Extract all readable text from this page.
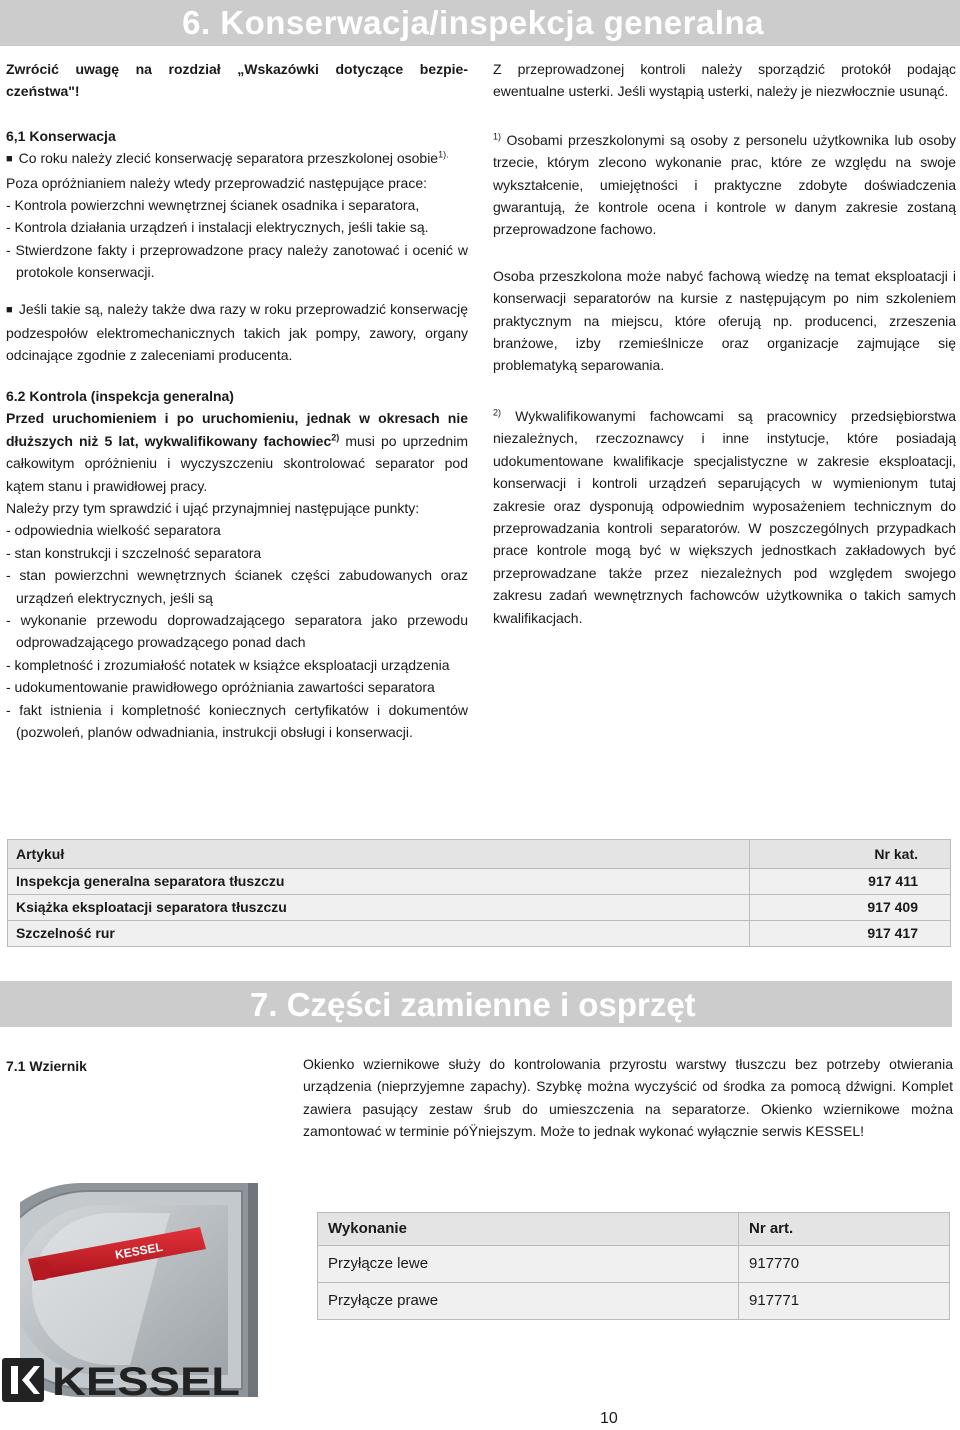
6. Konserwacja/inspekcja generalna

Zwrócić uwagę na rozdział „Wskazówki dotyczące bezpie- czeństwa"!

6,1 Konserwacja

■ Co roku należy zlecić konserwację separatora przeszkolonej osobie$^{1).}$

Poza opróżnianiem należy wtedy przeprowadzić następujące prace:

- Kontrola powierzchni wewnętrznej ścianek osadnika i separatora,

- Kontrola działania urządzeń i instalacji elektrycznych, jeśli takie są.

- Stwierdzone fakty i przeprowadzone pracy należy zanotować i ocenić w protokole konserwacji.

■ Jeśli takie są, należy także dwa razy w roku przeprowadzić konserwację podzespołów elektromechanicznych takich jak pompy, zawory, organy odcinające zgodnie z zaleceniami producenta.

6.2 Kontrola (inspekcja generalna)

Przed uruchomieniem i po uruchomieniu, jednak w okresach nie dłuższych niż 5 lat, wykwalifikowany fachowiec$^{2)}$ musi po uprzednim całkowitym opróżnieniu i wyczyszczeniu skontrolować separator pod kątem stanu i prawidłowej pracy.

Należy przy tym sprawdzić i ująć przynajmniej następujące punkty:

- odpowiednia wielkość separatora

- stan konstrukcji i szczelność separatora

- stan powierzchni wewnętrznych ścianek części zabudowanych oraz urządzeń elektrycznych, jeśli są

- wykonanie przewodu doprowadzającego separatora jako przewodu odprowadzającego prowadzącego ponad dach

- kompletność i zrozumiałość notatek w książce eksploatacji urządzenia

- udokumentowanie prawidłowego opróżniania zawartości separatora

- fakt istnienia i kompletność koniecznych certyfikatów i dokumentów (pozwoleń, planów odwadniania, instrukcji obsługi i konserwacji.

Z przeprowadzonej kontroli należy sporządzić protokół podając ewentualne usterki. Jeśli wystąpią usterki, należy je niezwłocznie usunąć.

$^{1)}$ Osobami przeszkolonymi są osoby z personelu użytkownika lub osoby trzecie, którym zlecono wykonanie prac, które ze względu na swoje wykształcenie, umiejętności i praktyczne zdobyte doświadczenia gwarantują, że kontrole ocena i kontrole w danym zakresie zostaną przeprowadzone fachowo.

Osoba przeszkolona może nabyć fachową wiedzę na temat eksploatacji i konserwacji separatorów na kursie z następującym po nim szkoleniem praktycznym na miejscu, które oferują np. producenci, zrzeszenia branżowe, izby rzemieślnicze oraz organizacje zajmujące się problematyką separowania.

$^{2)}$ Wykwalifikowanymi fachowcami są pracownicy przedsiębiorstwa niezależnych, rzeczoznawcy i inne instytucje, które posiadają udokumentowane kwalifikacje specjalistyczne w zakresie eksploatacji, konserwacji i kontroli urządzeń separujących w wymienionym tutaj zakresie oraz dysponują odpowiednim wyposażeniem technicznym do przeprowadzania kontroli separatorów. W poszczególnych przypadkach prace kontrole mogą być w większych jednostkach zakładowych być przeprowadzane także przez niezależnych pod względem swojego zakresu zadań wewnętrznych fachowców użytkownika o takich samych kwalifikacjach.

Artykuł	Nr kat.
Inspekcja generalna separatora tłuszczu	917 411
Książka eksploatacji separatora tłuszczu	917 409
Szczelność rur	917 417
7. Części zamienne i osprzęt
7.1 Wziernik	Okienko wziernikowe służy do kontrolowania przyrostu warstwy tłuszczu bez potrzeby otwierania urządzenia (nieprzyjemne zapachy). Szybkę można wyczyścić od środka za pomocą dźwigni. Komplet zawiera pasujący zestaw śrub do umieszczenia na separatorze. Okienko wziernikowe można zamontować w terminie póŸniejszym. Może to jednak wykonać wyłącznie serwis KESSEL!

KESSEL
Wykonanie	Nr art.
Przyłącze lewe	917770
Przyłącze prawe	917771
KESSEL
10
